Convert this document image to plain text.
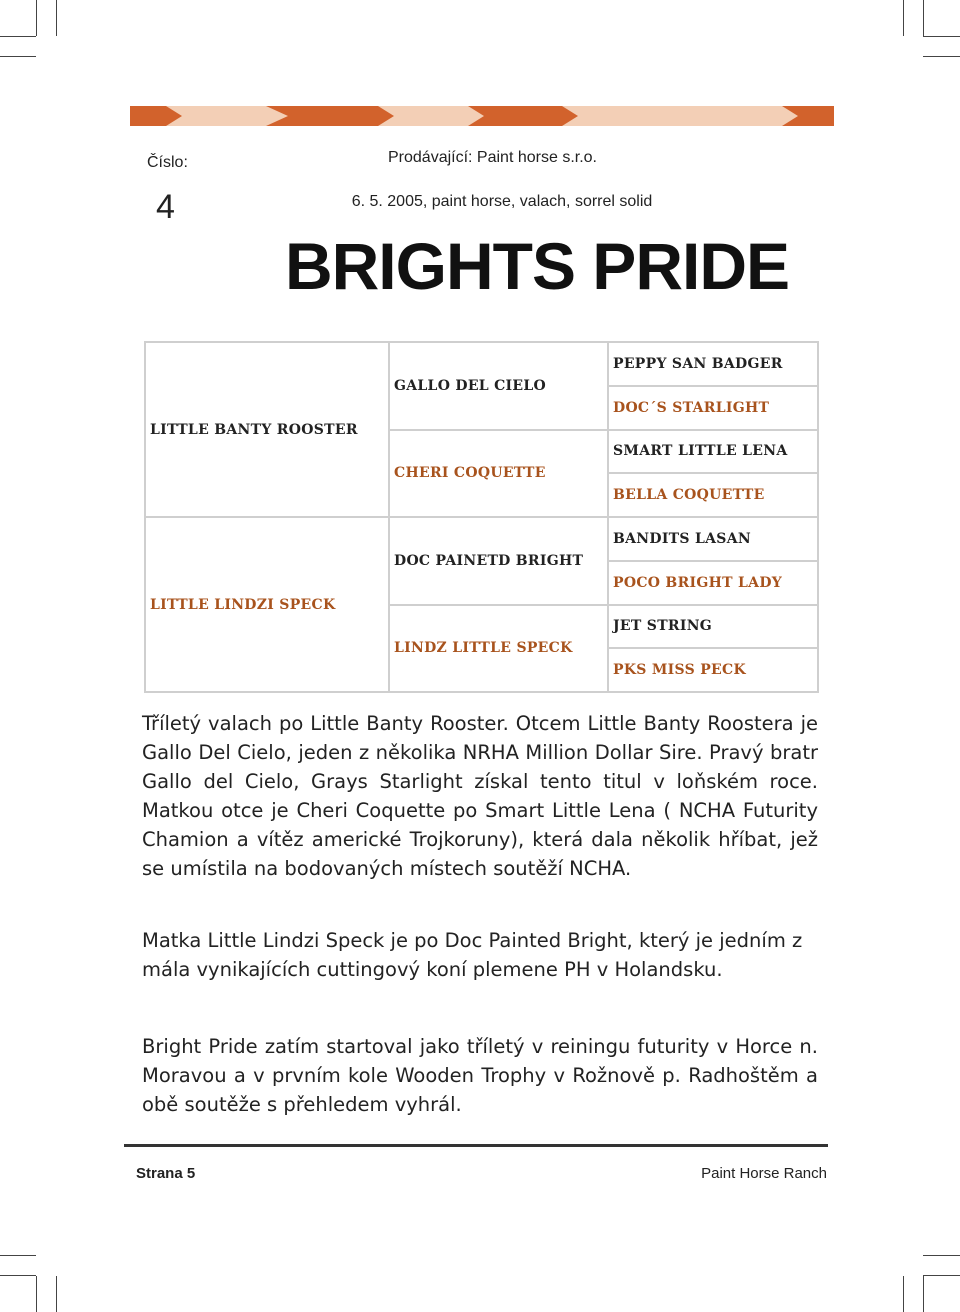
Číslo:	Prodávající: Paint horse s.r.o.
4	6. 5. 2005, paint horse, valach, sorrel solid
BRIGHTS PRIDE
LITTLE BANTY ROOSTER	GALLO DEL CIELO	PEPPY SAN BADGER
		DOC´S STARLIGHT
	CHERI COQUETTE	SMART LITTLE LENA
		BELLA COQUETTE
LITTLE LINDZI SPECK	DOC PAINETD BRIGHT	BANDITS LASAN
		POCO BRIGHT LADY
	LINDZ LITTLE SPECK	JET STRING
		PKS MISS PECK

Tříletý valach po Little Banty Rooster. Otcem Little Banty Roostera je Gallo Del Cielo, jeden z několika NRHA Million Dollar Sire. Pravý bratr Gallo del Cielo, Grays Starlight získal tento titul v loňském roce. Matkou otce je Cheri Coquette po Smart Little Lena ( NCHA Futurity Chamion a vítěz americké Trojkoruny), která dala několik hříbat, jež se umístila na bodovaných místech soutěží NCHA.

Matka Little Lindzi Speck je po Doc Painted Bright, který je jedním z mála vynikajících cuttingový koní plemene PH v Holandsku.

Bright Pride zatím startoval jako tříletý v reiningu futurity v Horce n. Moravou a v prvním kole Wooden Trophy v Rožnově p. Radhoštěm a obě soutěže s přehledem vyhrál.

Strana 5	Paint Horse Ranch
